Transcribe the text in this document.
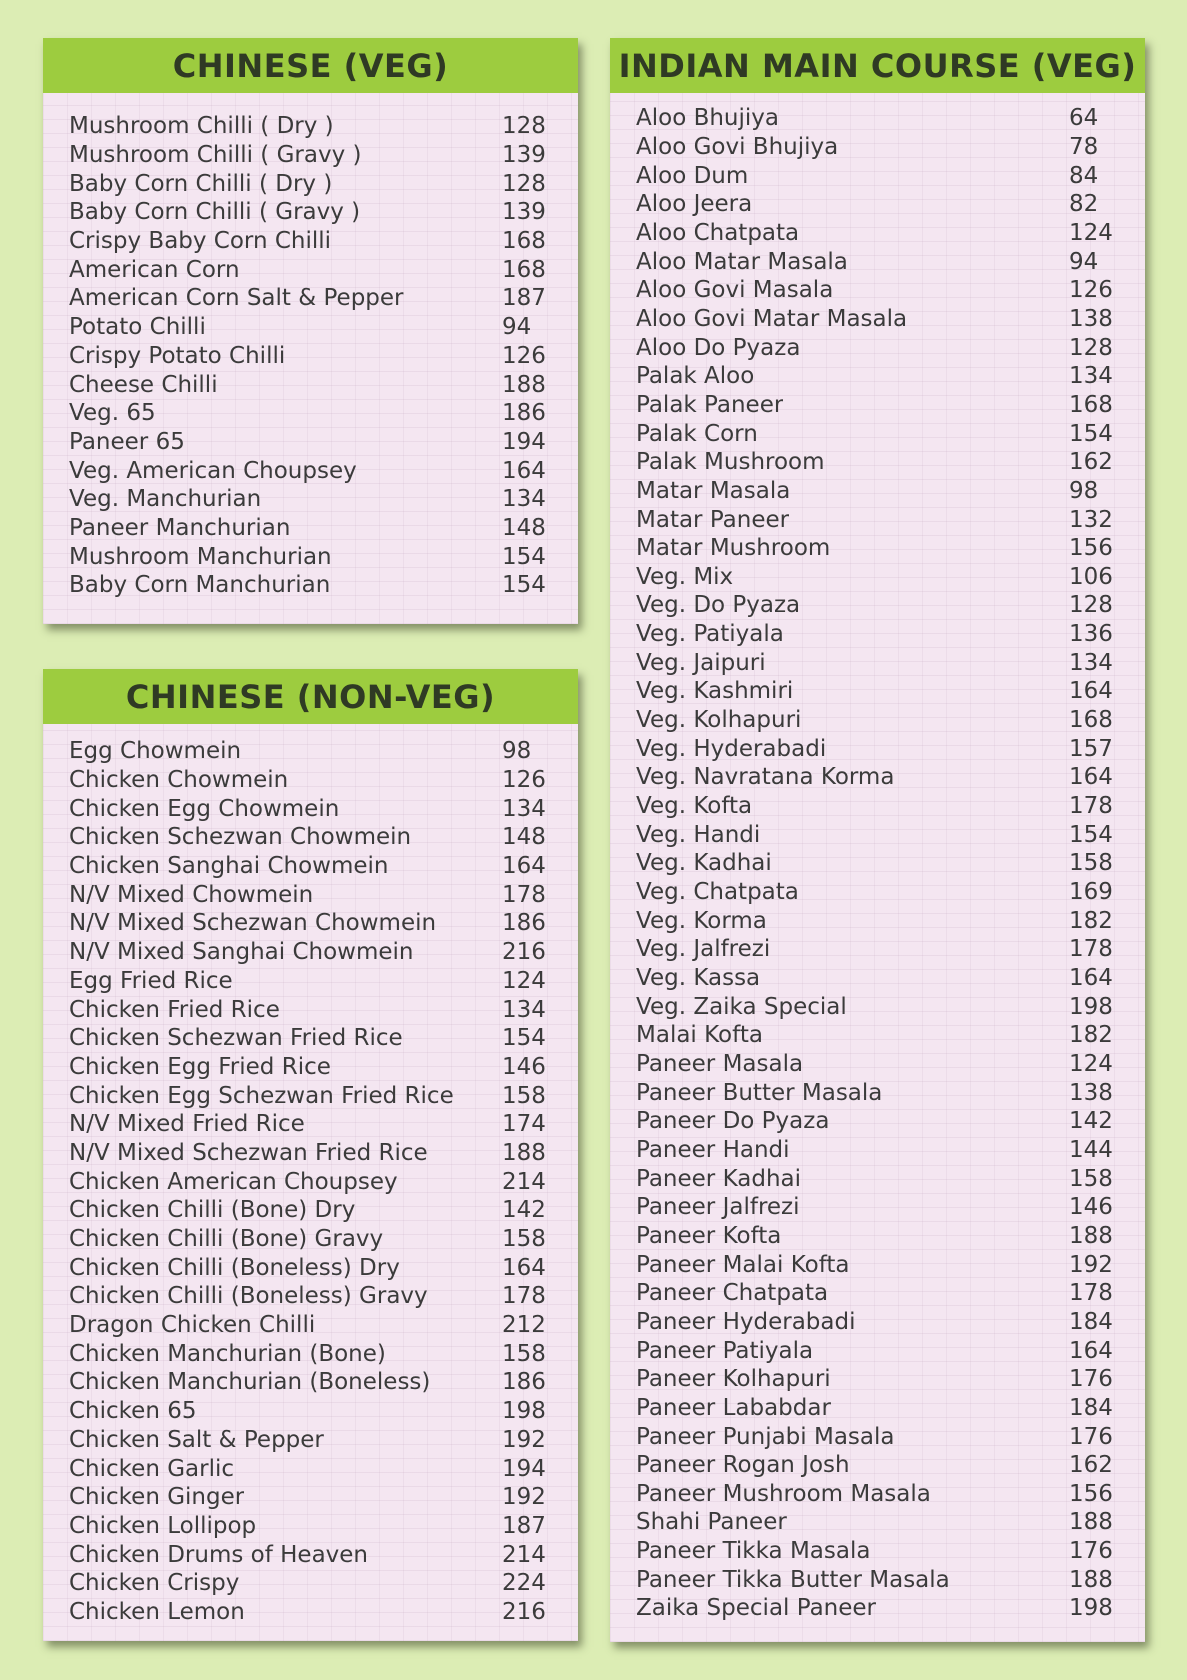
CHINESE (VEG)
Mushroom Chilli ( Dry )	128
Mushroom Chilli ( Gravy )	139
Baby Corn Chilli ( Dry )	128
Baby Corn Chilli ( Gravy )	139
Crispy Baby Corn Chilli	168
American Corn	168
American Corn Salt & Pepper	187
Potato Chilli	94
Crispy Potato Chilli	126
Cheese Chilli	188
Veg. 65	186
Paneer 65	194
Veg. American Choupsey	164
Veg. Manchurian	134
Paneer Manchurian	148
Mushroom Manchurian	154
Baby Corn Manchurian	154
CHINESE (NON-VEG)
Egg Chowmein	98
Chicken Chowmein	126
Chicken Egg Chowmein	134
Chicken Schezwan Chowmein	148
Chicken Sanghai Chowmein	164
N/V Mixed Chowmein	178
N/V Mixed Schezwan Chowmein	186
N/V Mixed Sanghai Chowmein	216
Egg Fried Rice	124
Chicken Fried Rice	134
Chicken Schezwan Fried Rice	154
Chicken Egg Fried Rice	146
Chicken Egg Schezwan Fried Rice 158
N/V Mixed Fried Rice	174
N/V Mixed Schezwan Fried Rice	188
Chicken American Choupsey	214
Chicken Chilli (Bone) Dry	142
Chicken Chilli (Bone) Gravy	158
Chicken Chilli (Boneless) Dry	164
Chicken Chilli (Boneless) Gravy	178
Dragon Chicken Chilli	212
Chicken Manchurian (Bone)	158
Chicken Manchurian (Boneless)	186
Chicken 65	198
Chicken Salt & Pepper	192
Chicken Garlic	194
Chicken Ginger	192
Chicken Lollipop	187
Chicken Drums of Heaven	214
Chicken Crispy	224
Chicken Lemon	216
INDIAN MAIN COURSE (VEG)
Aloo Bhujiya	64
Aloo Govi Bhujiya	78
Aloo Dum	84
Aloo Jeera	82
Aloo Chatpata	124
Aloo Matar Masala	94
Aloo Govi Masala	126
Aloo Govi Matar Masala	138
Aloo Do Pyaza	128
Palak Aloo	134
Palak Paneer	168
Palak Corn	154
Palak Mushroom	162
Matar Masala	98
Matar Paneer	132
Matar Mushroom	156
Veg. Mix	106
Veg. Do Pyaza	128
Veg. Patiyala	136
Veg. Jaipuri	134
Veg. Kashmiri	164
Veg. Kolhapuri	168
Veg. Hyderabadi	157
Veg. Navratana Korma	164
Veg. Kofta	178
Veg. Handi	154
Veg. Kadhai	158
Veg. Chatpata	169
Veg. Korma	182
Veg. Jalfrezi	178
Veg. Kassa	164
Veg. Zaika Special	198
Malai Kofta	182
Paneer Masala	124
Paneer Butter Masala	138
Paneer Do Pyaza	142
Paneer Handi	144
Paneer Kadhai	158
Paneer Jalfrezi	146
Paneer Kofta	188
Paneer Malai Kofta	192
Paneer Chatpata	178
Paneer Hyderabadi	184
Paneer Patiyala	164
Paneer Kolhapuri	176
Paneer Lababdar	184
Paneer Punjabi Masala	176
Paneer Rogan Josh	162
Paneer Mushroom Masala	156
Shahi Paneer	188
Paneer Tikka Masala	176
Paneer Tikka Butter Masala	188
Zaika Special Paneer	198
